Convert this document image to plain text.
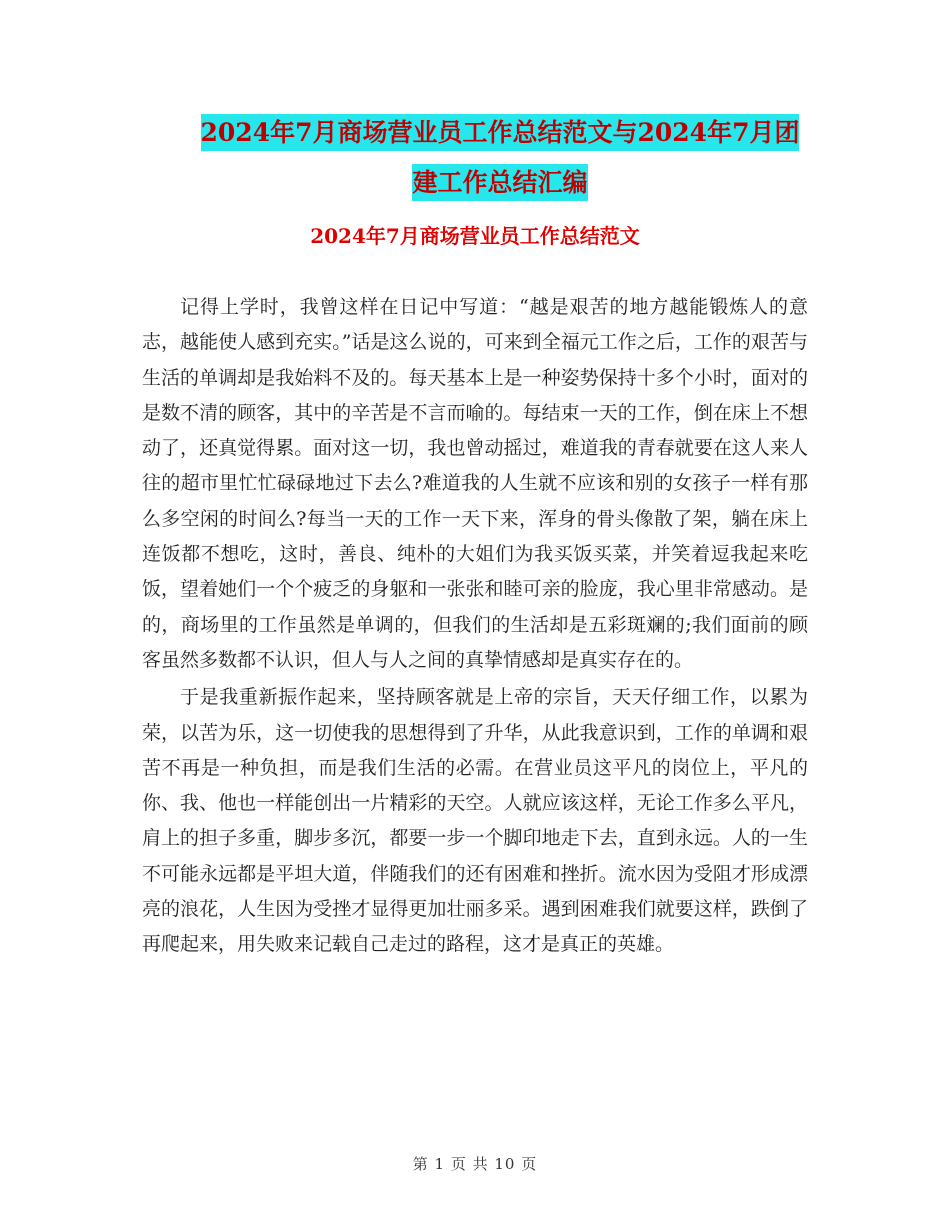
2024年7月商场营业员工作总结范文与2024年7月团
建工作总结汇编
2024年7月商场营业员工作总结范文

记得上学时，我曾这样在日记中写道：“越是艰苦的地方越能锻炼人的意志，越能使人感到充实。”话是这么说的，可来到全福元工作之后，工作的艰苦与生活的单调却是我始料不及的。每天基本上是一种姿势保持十多个小时，面对的是数不清的顾客，其中的辛苦是不言而喻的。每结束一天的工作，倒在床上不想动了，还真觉得累。面对这一切，我也曾动摇过，难道我的青春就要在这人来人往的超市里忙忙碌碌地过下去么?难道我的人生就不应该和别的女孩子一样有那么多空闲的时间么?每当一天的工作一天下来，浑身的骨头像散了架，躺在床上连饭都不想吃，这时，善良、纯朴的大姐们为我买饭买菜，并笑着逗我起来吃饭，望着她们一个个疲乏的身躯和一张张和睦可亲的脸庞，我心里非常感动。是的，商场里的工作虽然是单调的，但我们的生活却是五彩斑斓的;我们面前的顾客虽然多数都不认识，但人与人之间的真挚情感却是真实存在的。

于是我重新振作起来，坚持顾客就是上帝的宗旨，天天仔细工作，以累为荣，以苦为乐，这一切使我的思想得到了升华，从此我意识到，工作的单调和艰苦不再是一种负担，而是我们生活的必需。在营业员这平凡的岗位上，平凡的你、我、他也一样能创出一片精彩的天空。人就应该这样，无论工作多么平凡，肩上的担子多重，脚步多沉，都要一步一个脚印地走下去，直到永远。人的一生不可能永远都是平坦大道，伴随我们的还有困难和挫折。流水因为受阻才形成漂亮的浪花，人生因为受挫才显得更加壮丽多采。遇到困难我们就要这样，跌倒了再爬起来，用失败来记载自己走过的路程，这才是真正的英雄。

第 1 页 共 10 页
